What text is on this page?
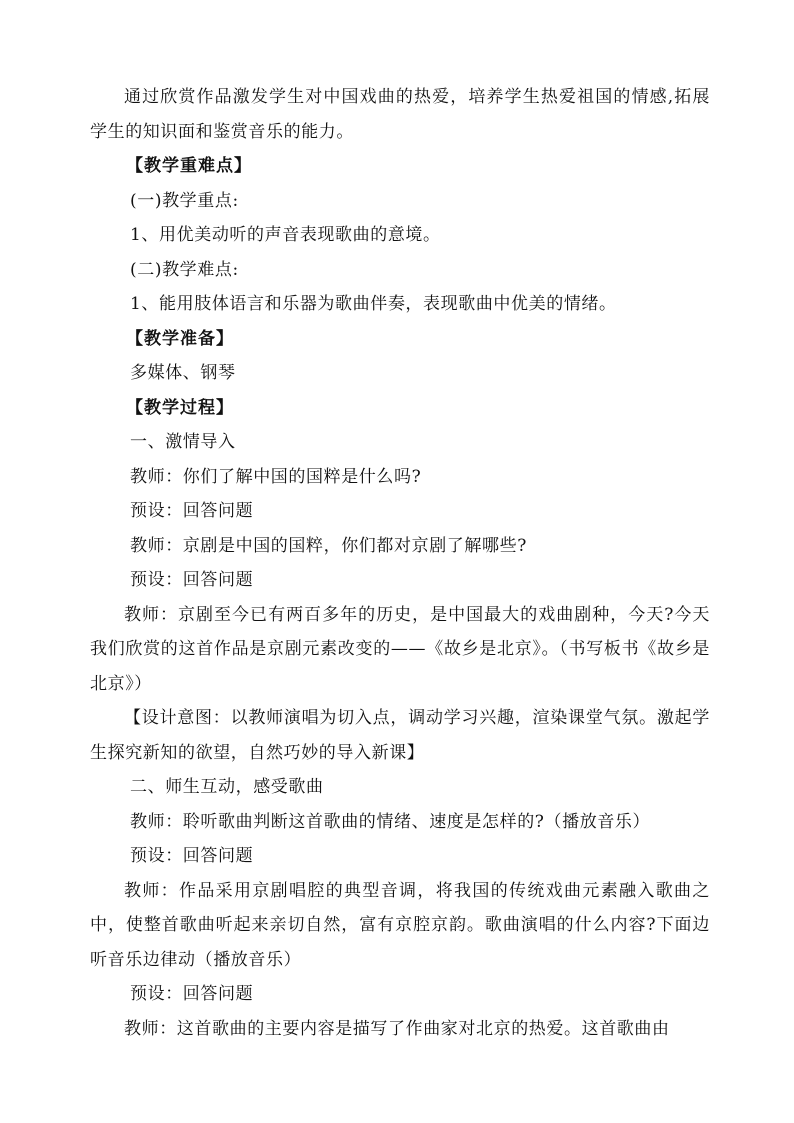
通过欣赏作品激发学生对中国戏曲的热爱，培养学生热爱祖国的情感,拓展学生的知识面和鉴赏音乐的能力。

【教学重难点】

(一)教学重点:

1、用优美动听的声音表现歌曲的意境。

(二)教学难点:

1、能用肢体语言和乐器为歌曲伴奏，表现歌曲中优美的情绪。

【教学准备】

多媒体、钢琴

【教学过程】

一、激情导入

教师：你们了解中国的国粹是什么吗?

预设：回答问题

教师：京剧是中国的国粹，你们都对京剧了解哪些?

预设：回答问题

教师：京剧至今已有两百多年的历史，是中国最大的戏曲剧种，今天?今天我们欣赏的这首作品是京剧元素改变的——《故乡是北京》。（书写板书《故乡是北京》）

【设计意图：以教师演唱为切入点，调动学习兴趣，渲染课堂气氛。激起学生探究新知的欲望，自然巧妙的导入新课】

二、师生互动，感受歌曲

教师：聆听歌曲判断这首歌曲的情绪、速度是怎样的?（播放音乐）

预设：回答问题

教师：作品采用京剧唱腔的典型音调，将我国的传统戏曲元素融入歌曲之中，使整首歌曲听起来亲切自然，富有京腔京韵。歌曲演唱的什么内容?下面边听音乐边律动（播放音乐）

预设：回答问题

教师：这首歌曲的主要内容是描写了作曲家对北京的热爱。这首歌曲由
